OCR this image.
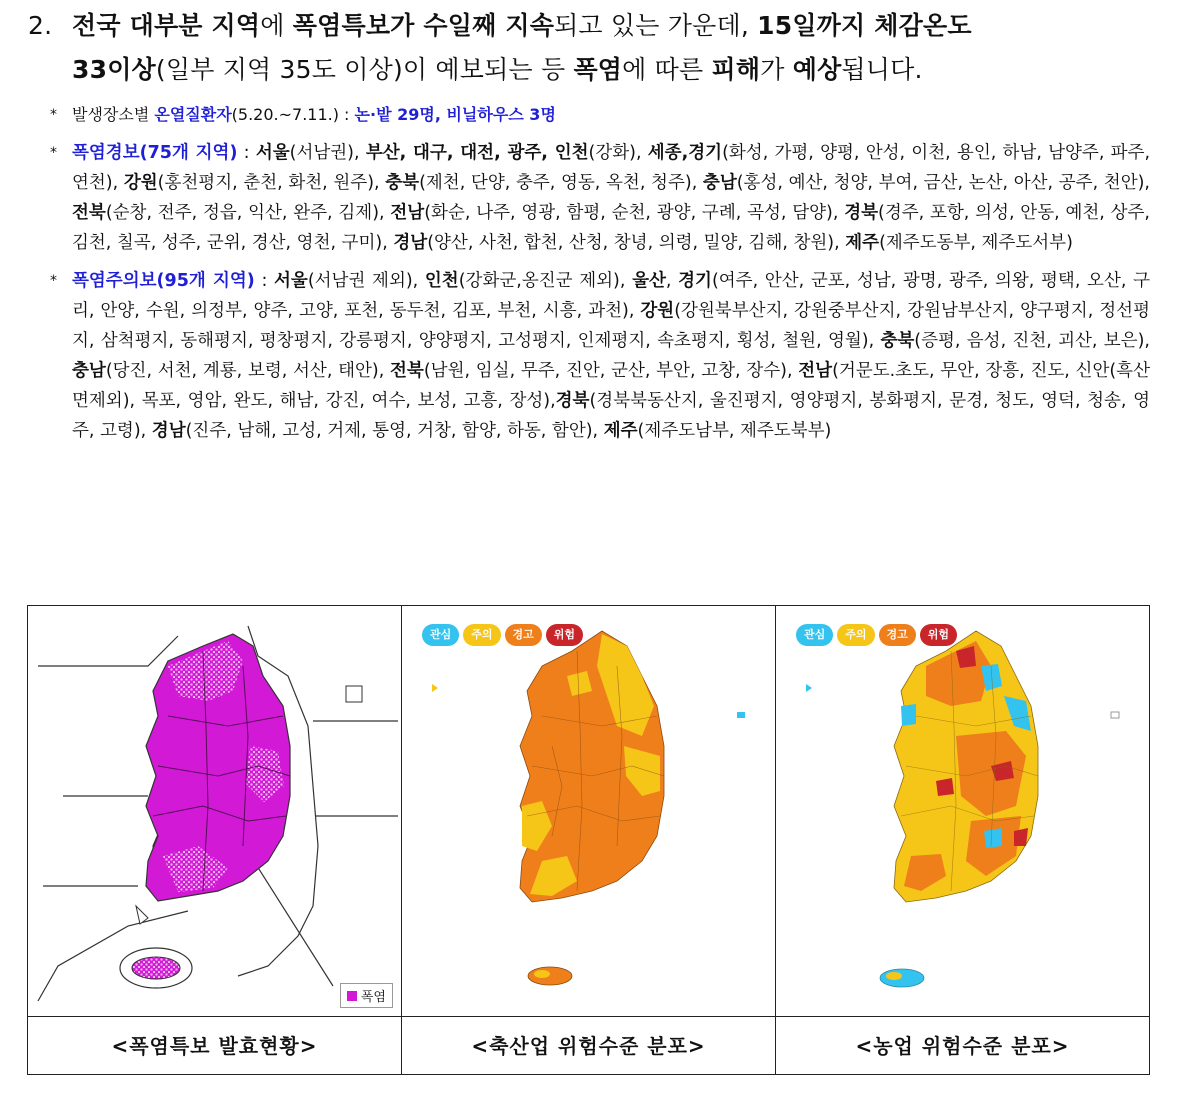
2. 전국 대부분 지역에 폭염특보가 수일째 지속되고 있는 가운데, 15일까지 체감온도
33이상(일부 지역 35도 이상)이 예보되는 등 폭염에 따른 피해가 예상됩니다.
* 발생장소별 온열질환자(5.20.~7.11.) : 논·밭 29명, 비닐하우스 3명
* 폭염경보(75개 지역) : 서울(서남권), 부산, 대구, 대전, 광주, 인천(강화), 세종,경기(화성, 가평, 양평, 안성, 이천, 용인, 하남, 남양주, 파주, 연천), 강원(홍천평지, 춘천, 화천, 원주), 충북(제천, 단양, 충주, 영동, 옥천, 청주), 충남(홍성, 예산, 청양, 부여, 금산, 논산, 아산, 공주, 천안), 전북(순창, 전주, 정읍, 익산, 완주, 김제), 전남(화순, 나주, 영광, 함평, 순천, 광양, 구례, 곡성, 담양), 경북(경주, 포항, 의성, 안동, 예천, 상주, 김천, 칠곡, 성주, 군위, 경산, 영천, 구미), 경남(양산, 사천, 합천, 산청, 창녕, 의령, 밀양, 김해, 창원), 제주(제주도동부, 제주도서부)
* 폭염주의보(95개 지역) : 서울(서남권 제외), 인천(강화군,옹진군 제외), 울산, 경기(여주, 안산, 군포, 성남, 광명, 광주, 의왕, 평택, 오산, 구리, 안양, 수원, 의정부, 양주, 고양, 포천, 동두천, 김포, 부천, 시흥, 과천), 강원(강원북부산지, 강원중부산지, 강원남부산지, 양구평지, 정선평지, 삼척평지, 동해평지, 평창평지, 강릉평지, 양양평지, 고성평지, 인제평지, 속초평지, 횡성, 철원, 영월), 충북(증평, 음성, 진천, 괴산, 보은), 충남(당진, 서천, 계룡, 보령, 서산, 태안), 전북(남원, 임실, 무주, 진안, 군산, 부안, 고창, 장수), 전남(거문도.초도, 무안, 장흥, 진도, 신안(흑산면제외), 목포, 영암, 완도, 해남, 강진, 여수, 보성, 고흥, 장성),경북(경북북동산지, 울진평지, 영양평지, 봉화평지, 문경, 청도, 영덕, 청송, 영주, 고령), 경남(진주, 남해, 고성, 거제, 통영, 거창, 함양, 하동, 함안), 제주(제주도남부, 제주도북부)
폭염
관심	주의	경고	위험	관심	주의	경고	위험
<폭염특보 발효현황>	<축산업 위험수준 분포>	<농업 위험수준 분포>
